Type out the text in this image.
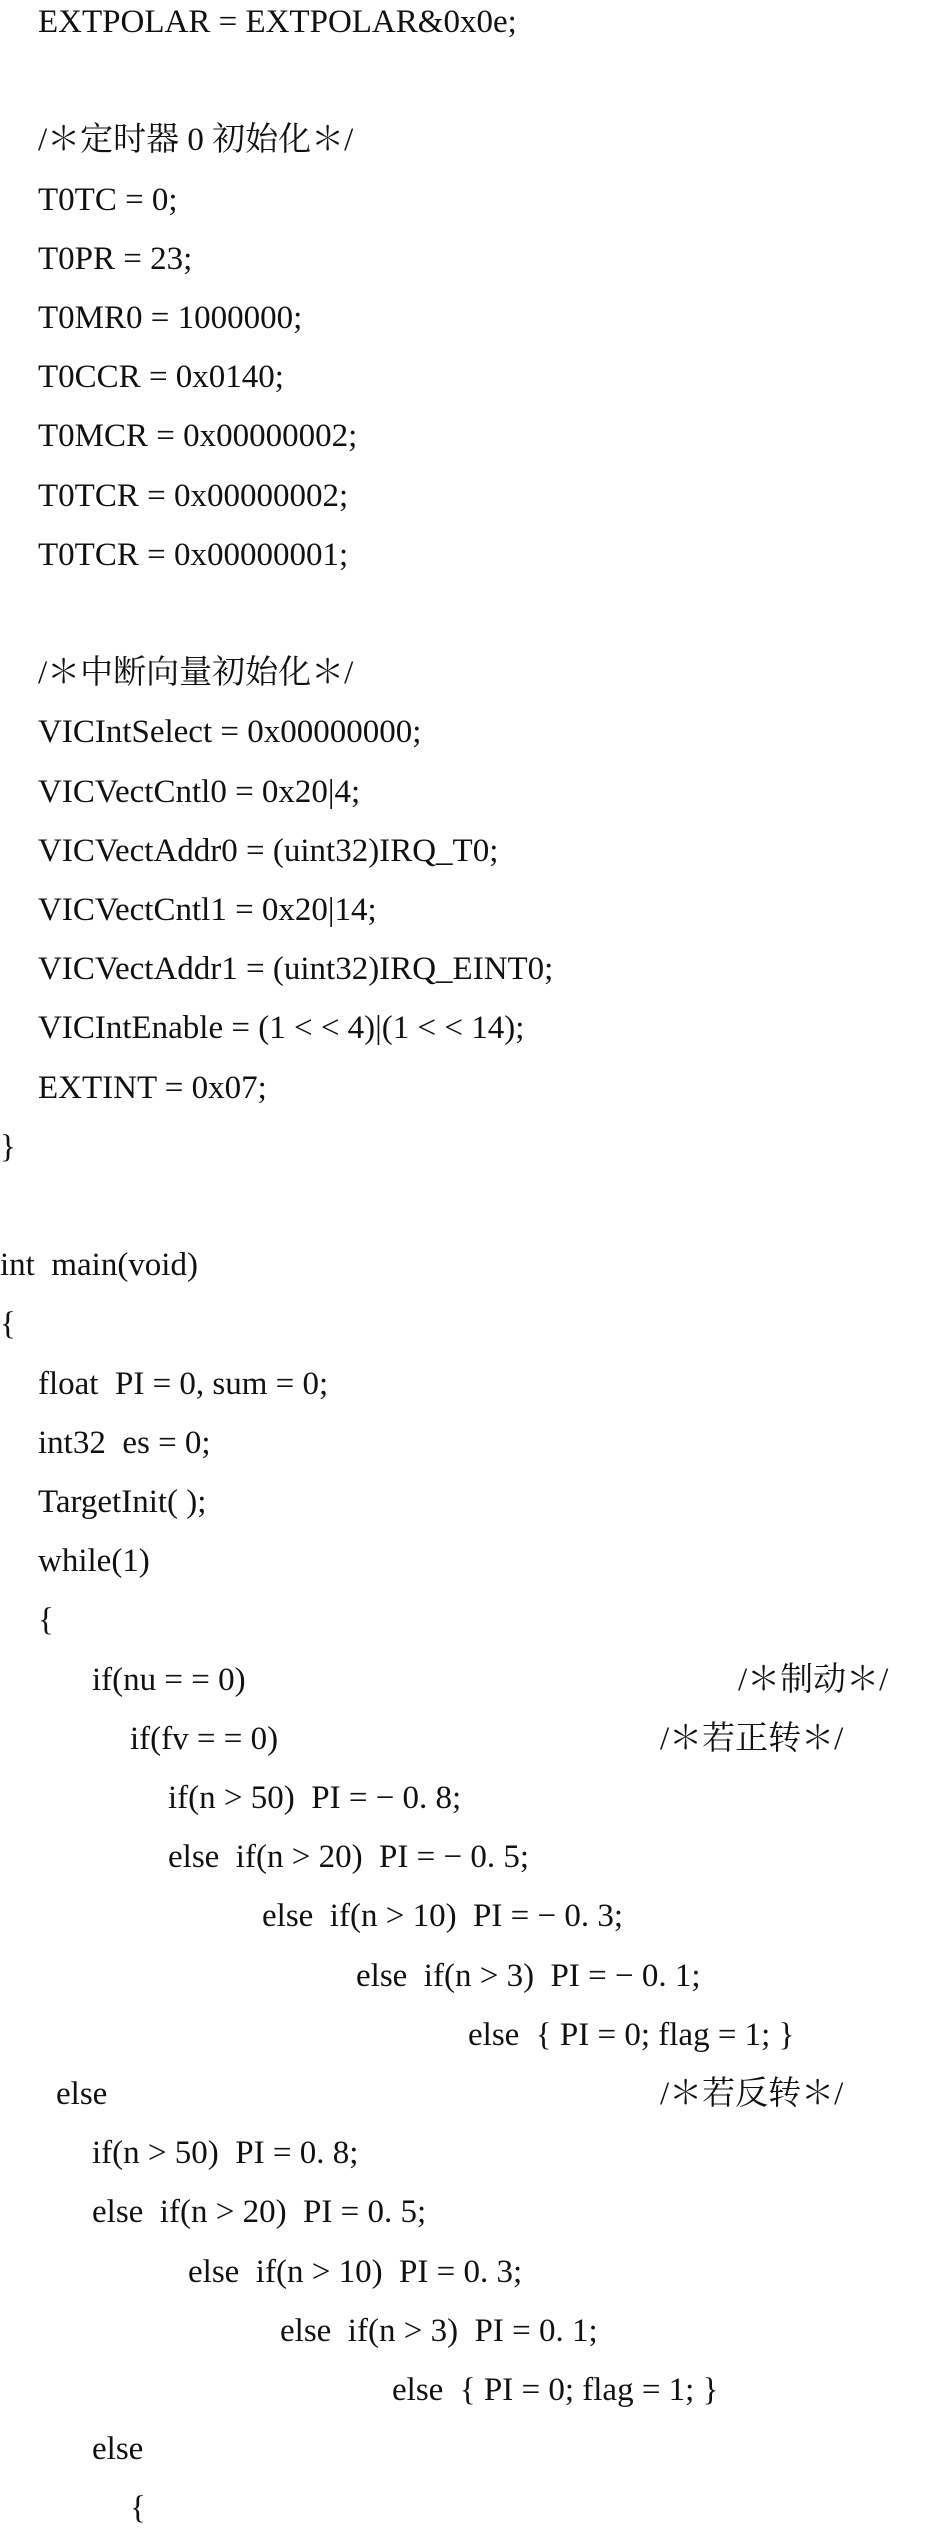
EXTPOLAR = EXTPOLAR&0x0e;
/＊定时器 0 初始化＊/
T0TC = 0;
T0PR = 23;
T0MR0 = 1000000;
T0CCR = 0x0140;
T0MCR = 0x00000002;
T0TCR = 0x00000002;
T0TCR = 0x00000001;
/＊中断向量初始化＊/
VICIntSelect = 0x00000000;
VICVectCntl0 = 0x20|4;
VICVectAddr0 = (uint32)IRQ_T0;
VICVectCntl1 = 0x20|14;
VICVectAddr1 = (uint32)IRQ_EINT0;
VICIntEnable = (1 < < 4)|(1 < < 14);
EXTINT = 0x07;
}
int  main(void)
{
float  PI = 0, sum = 0;
int32  es = 0;
TargetInit( );
while(1)
{
if(nu = = 0)	/＊制动＊/
if(fv = = 0)	/＊若正转＊/
if(n > 50)  PI = − 0. 8;
else  if(n > 20)  PI = − 0. 5;
else  if(n > 10)  PI = − 0. 3;
else  if(n > 3)  PI = − 0. 1;
else  { PI = 0; flag = 1; }
else	/＊若反转＊/
if(n > 50)  PI = 0. 8;
else  if(n > 20)  PI = 0. 5;
else  if(n > 10)  PI = 0. 3;
else  if(n > 3)  PI = 0. 1;
else  { PI = 0; flag = 1; }
else
{
